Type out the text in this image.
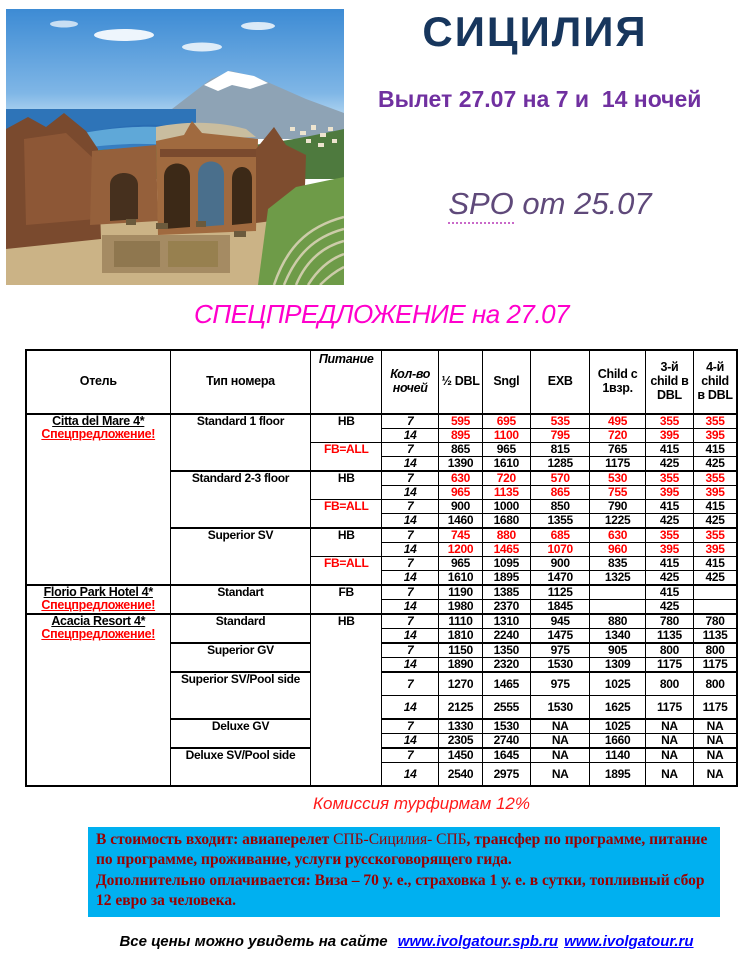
СИЦИЛИЯ
Вылет 27.07 на 7 и  14 ночей
SPO от 25.07
СПЕЦПРЕДЛОЖЕНИЕ на 27.07
Отель	Тип номера	Питание	Кол-во ночей	½ DBL	Sngl	EXB	Child с 1взр.	3-й child в DBL	4-й child в DBL

Citta del Mare 4*
Спецпредложение!	Standard 1 floor	HB	7	595	695	535	495	355	355
			14	895	1100	795	720	395	395
		FB=ALL	7	865	965	815	765	415	415
			14	1390	1610	1285	1175	425	425
	Standard 2-3 floor	HB	7	630	720	570	530	355	355
			14	965	1135	865	755	395	395
		FB=ALL	7	900	1000	850	790	415	415
			14	1460	1680	1355	1225	425	425
	Superior SV	HB	7	745	880	685	630	355	355
			14	1200	1465	1070	960	395	395
		FB=ALL	7	965	1095	900	835	415	415
			14	1610	1895	1470	1325	425	425

Florio Park Hotel 4*
Спецпредложение!	Standart	FB	7	1190	1385	1125		415	
			14	1980	2370	1845		425	

Acacia Resort 4*
Спецпредложение!	Standard	HB	7	1110	1310	945	880	780	780
			14	1810	2240	1475	1340	1135	1135
	Superior GV		7	1150	1350	975	905	800	800
			14	1890	2320	1530	1309	1175	1175
	Superior SV/Pool side		7	1270	1465	975	1025	800	800
			14	2125	2555	1530	1625	1175	1175
	Deluxe GV		7	1330	1530	NA	1025	NA	NA
			14	2305	2740	NA	1660	NA	NA
	Deluxe SV/Pool side		7	1450	1645	NA	1140	NA	NA
			14	2540	2975	NA	1895	NA	NA
Комиссия турфирмам 12%
В стоимость входит: авиаперелет СПБ-Сицилия- СПБ, трансфер по программе, питание по программе, проживание, услуги русскоговорящего гида.
Дополнительно оплачивается: Виза – 70 у. е., страховка 1 у. е. в сутки, топливный сбор 12 евро за человека.
Все цены можно увидеть на сайте www.ivolgatour.spb.ru www.ivolgatour.ru
